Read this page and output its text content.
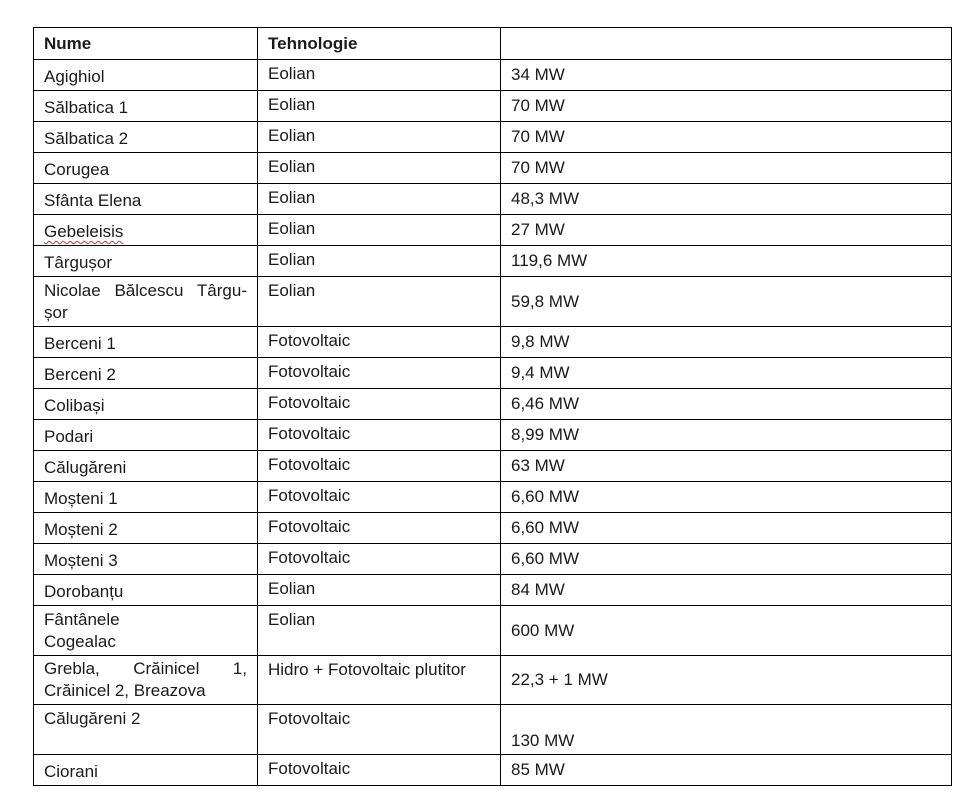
Nume	Tehnologie	
Agighiol	Eolian	34 MW
Sălbatica 1	Eolian	70 MW
Sălbatica 2	Eolian	70 MW
Corugea	Eolian	70 MW
Sfânta Elena	Eolian	48,3 MW
Gebeleisis	Eolian	27 MW
Târgușor	Eolian	119,6 MW
Nicolae Bălcescu Târgu-șor	Eolian	59,8 MW
Berceni 1	Fotovoltaic	9,8 MW
Berceni 2	Fotovoltaic	9,4 MW
Colibași	Fotovoltaic	6,46 MW
Podari	Fotovoltaic	8,99 MW
Călugăreni	Fotovoltaic	63 MW
Moșteni 1	Fotovoltaic	6,60 MW
Moșteni 2	Fotovoltaic	6,60 MW
Moșteni 3	Fotovoltaic	6,60 MW
Dorobanțu	Eolian	84 MW
Fântânele Cogealac	Eolian	600 MW
Grebla, Crăinicel 1, Crăinicel 2, Breazova	Hidro + Fotovoltaic plutitor	22,3 + 1 MW
Călugăreni 2	Fotovoltaic	130 MW
Ciorani	Fotovoltaic	85 MW
